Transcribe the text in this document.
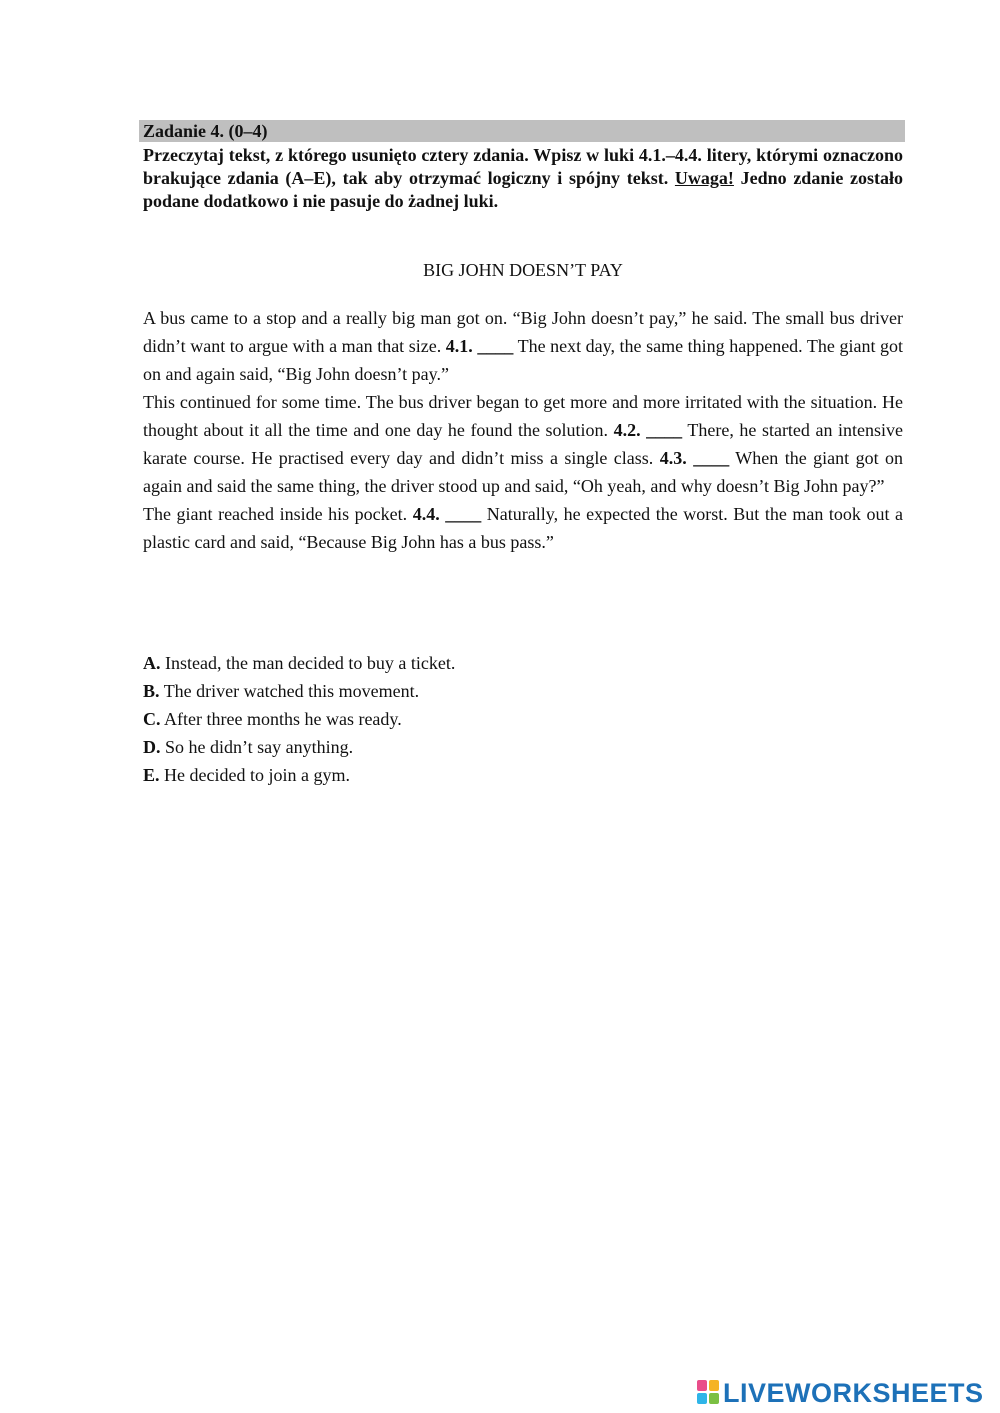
Zadanie 4. (0–4)

Przeczytaj tekst, z którego usunięto cztery zdania. Wpisz w luki 4.1.–4.4. litery, którymi oznaczono brakujące zdania (A–E), tak aby otrzymać logiczny i spójny tekst. Uwaga! Jedno zdanie zostało podane dodatkowo i nie pasuje do żadnej luki.

BIG JOHN DOESN’T PAY

A bus came to a stop and a really big man got on. “Big John doesn’t pay,” he said. The small bus driver didn’t want to argue with a man that size. 4.1. ____ The next day, the same thing happened. The giant got on and again said, “Big John doesn’t pay.”

This continued for some time. The bus driver began to get more and more irritated with the situation. He thought about it all the time and one day he found the solution. 4.2. ____ There, he started an intensive karate course. He practised every day and didn’t miss a single class. 4.3. ____ When the giant got on again and said the same thing, the driver stood up and said, “Oh yeah, and why doesn’t Big John pay?”

The giant reached inside his pocket. 4.4. ____ Naturally, he expected the worst. But the man took out a plastic card and said, “Because Big John has a bus pass.”

A. Instead, the man decided to buy a ticket.
B. The driver watched this movement.
C. After three months he was ready.
D. So he didn’t say anything.
E. He decided to join a gym.
LIVEWORKSHEETS
